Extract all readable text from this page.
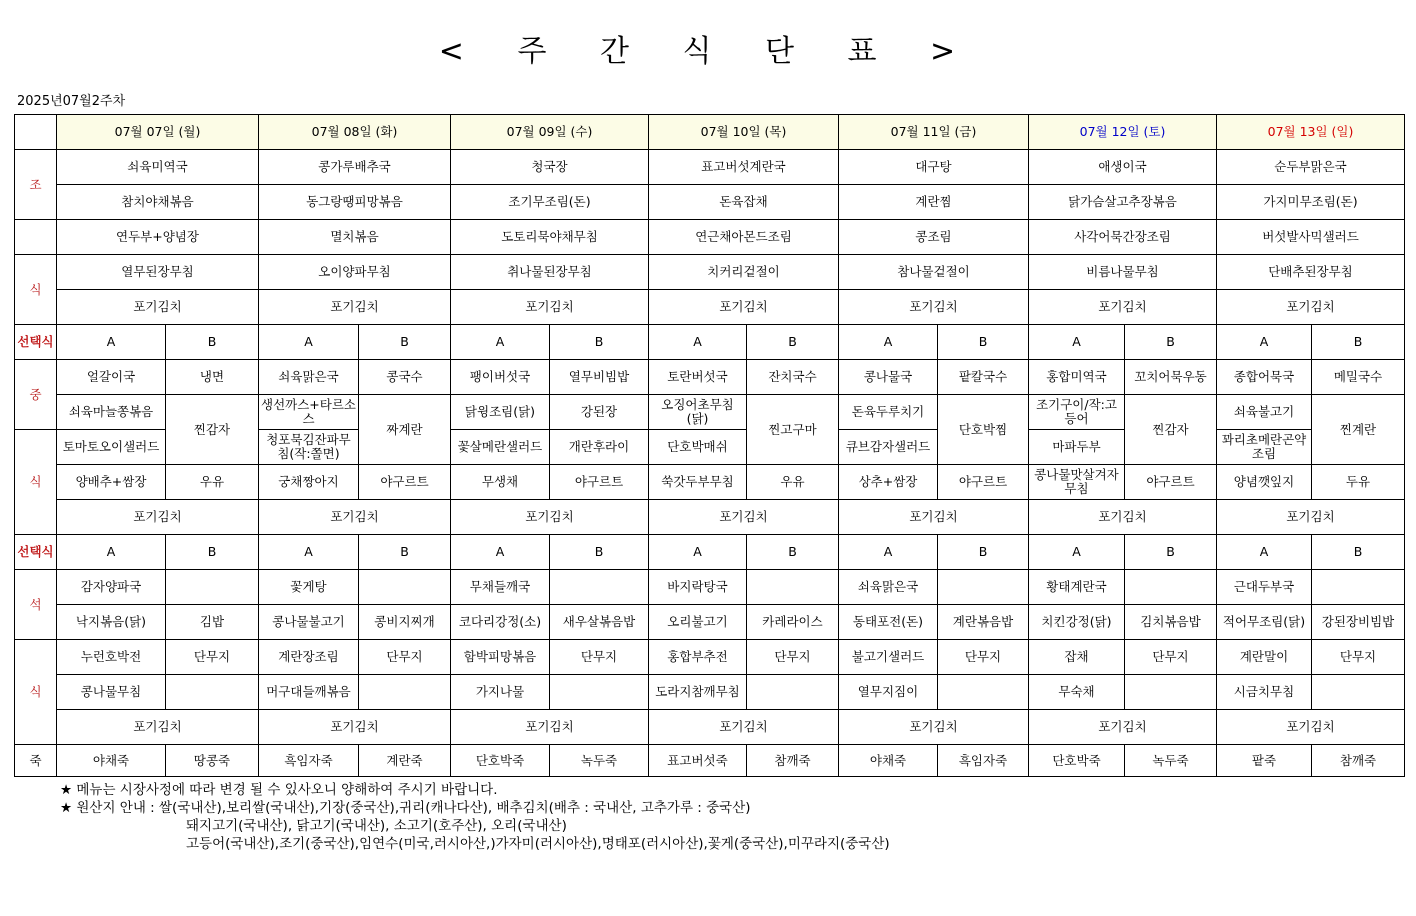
< 주 간 식 단 표 >
2025년07월2주차
	07월 07일 (월)		07월 08일 (화)		07월 09일 (수)		07월 10일 (목)		07월 11일 (금)		07월 12일 (토)		07월 13일 (일)	
조	쇠육미역국		콩가루배추국		청국장		표고버섯계란국		대구탕		애생이국		순두부맑은국	
	참치야채볶음		동그랑땡피망볶음		조기무조림(돈)		돈육잡채		계란찜		닭가슴살고추장볶음		가지미무조림(돈)	
	연두부+양념장		멸치볶음		도토리묵야채무침		연근채아몬드조림		콩조림		사각어묵간장조림		버섯발사믹샐러드	
식	열무된장무침		오이양파무침		취나물된장무침		치커리겉절이		참나물겉절이		비름나물무침		단배추된장무침	
	포기김치		포기김치		포기김치		포기김치		포기김치		포기김치		포기김치	
선택식	A	B	A	B	A	B	A	B	A	B	A	B	A	B
중	얼갈이국	냉면	쇠육맑은국	콩국수	팽이버섯국	열무비빔밥	토란버섯국	잔치국수	콩나물국	팥칼국수	홍합미역국	꼬치어묵우동	종합어묵국	메밀국수
	쇠육마늘쫑볶음	찐감자	생선까스+타르소스	짜계란	닭윙조림(닭)	강된장	오징어초무침(닭)	찐고구마	돈육두루치기	단호박찜	조기구이/작:고등어	찐감자	쇠육불고기	찐계란
식	토마토오이샐러드		청포묵김잔파무침(작:쫄면)		꽃살메란샐러드	개란후라이	단호박매쉬		큐브감자샐러드		마파두부		꽈리초메란곤약조림	
	양배추+쌈장	우유	궁채짱아지	야구르트	무생채	야구르트	쑥갓두부무침	우유	상추+쌈장	야구르트	콩나물맛살겨자무침	야구르트	양념깻잎지	두유
	포기김치		포기김치		포기김치		포기김치		포기김치		포기김치		포기김치	
선택식	A	B	A	B	A	B	A	B	A	B	A	B	A	B
석	감자양파국		꽃게탕		무채들깨국		바지락탕국		쇠육맑은국		황태계란국		근대두부국	
	낙지볶음(닭)	김밥	콩나물불고기	콩비지찌개	코다리강정(소)	새우살볶음밥	오리불고기	카레라이스	동태포전(돈)	계란볶음밥	치킨강정(닭)	김치볶음밥	적어무조림(닭)	강된장비빔밥
식	누런호박전	단무지	계란장조림	단무지	함박피망볶음	단무지	홍합부추전	단무지	불고기샐러드	단무지	잡채	단무지	계란말이	단무지
	콩나물무침		머구대들깨볶음		가지나물		도라지참깨무침		열무지짐이		무숙채		시금치무침	
	포기김치		포기김치		포기김치		포기김치		포기김치		포기김치		포기김치	
죽	야채죽	땅콩죽	흑임자죽	계란죽	단호박죽	녹두죽	표고버섯죽	참깨죽	야채죽	흑임자죽	단호박죽	녹두죽	팥죽	참깨죽
★ 메뉴는 시장사정에 따라 변경 될 수 있사오니 양해하여 주시기 바랍니다.
★ 원산지 안내 : 쌀(국내산),보리쌀(국내산),기장(중국산),귀리(캐나다산), 배추김치(배추 : 국내산, 고추가루 : 중국산)
돼지고기(국내산), 닭고기(국내산), 소고기(호주산), 오리(국내산)
고등어(국내산),조기(중국산),임연수(미국,러시아산,)가자미(러시아산),명태포(러시아산),꽃게(중국산),미꾸라지(중국산)
